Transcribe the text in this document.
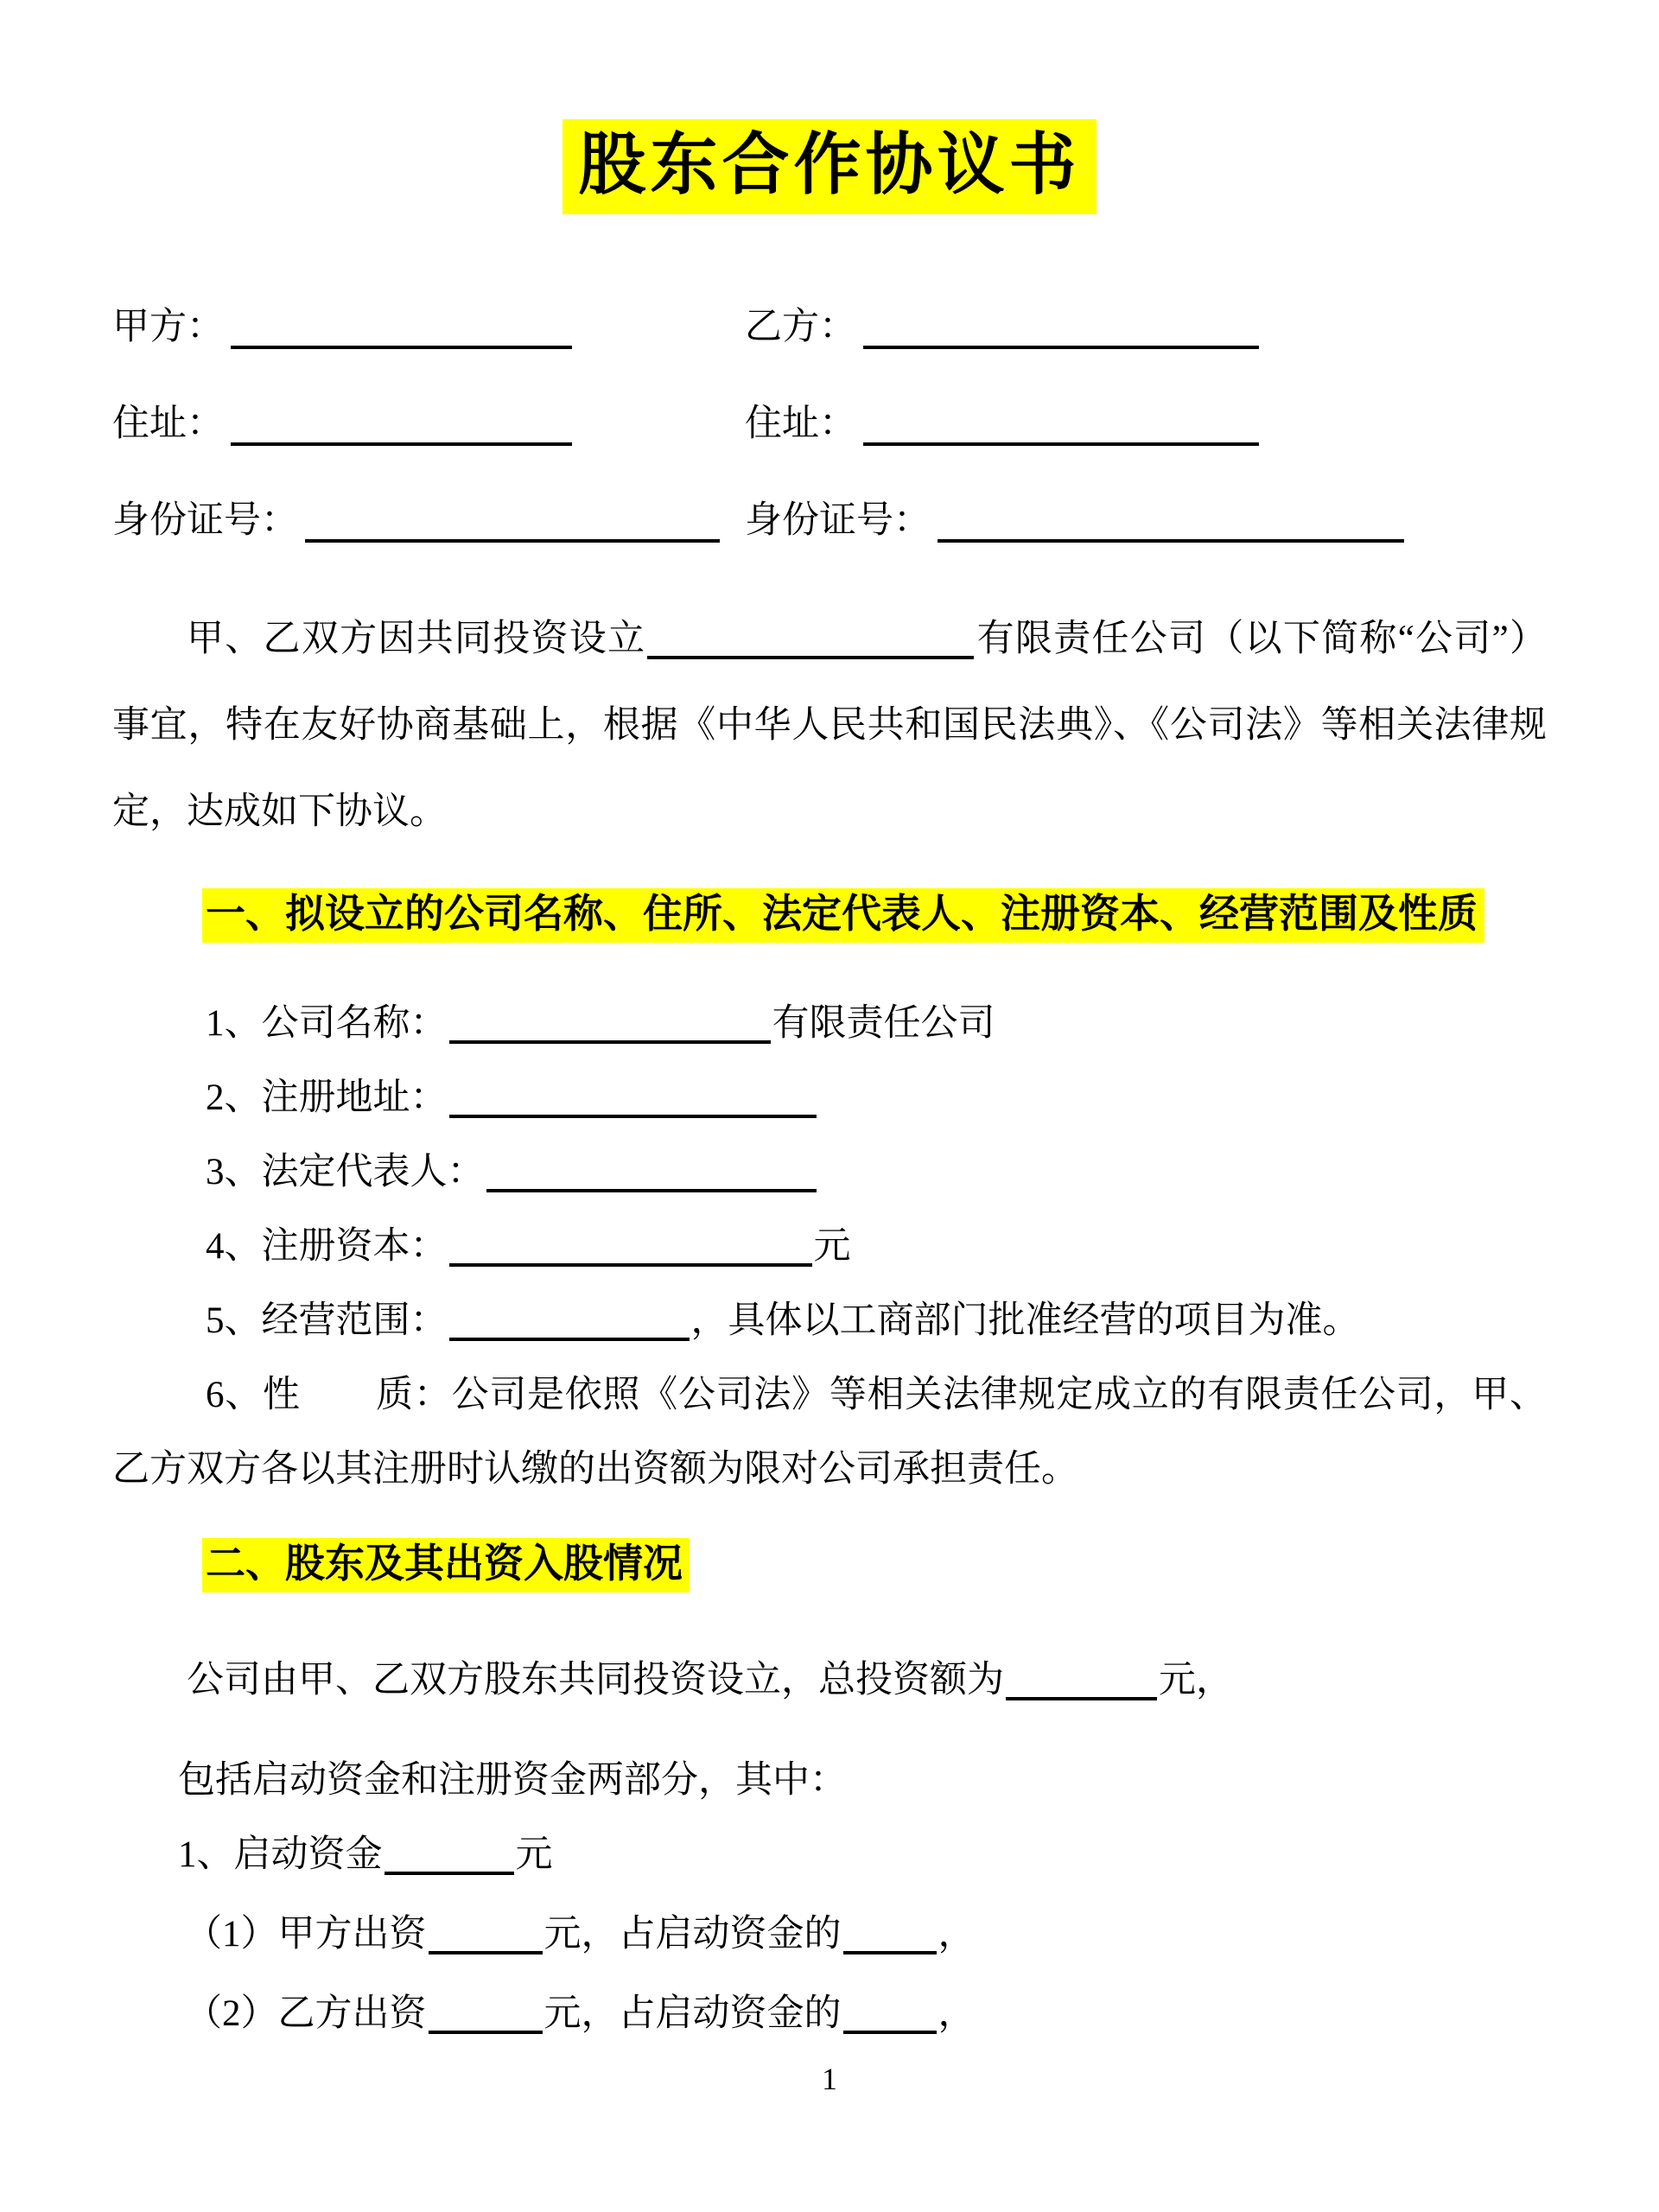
股东合作协议书
甲方：	乙方：
住址：	住址：
身份证号：	身份证号：

甲、乙双方因共同投资设立	有限责任公司（以下简称“公司”）事宜，特在友好协商基础上，根据《中华人民共和国民法典》、《公司法》等相关法律规定，达成如下协议。

一、拟设立的公司名称、住所、法定代表人、注册资本、经营范围及性质

1、公司名称：	有限责任公司

2、注册地址：

3、法定代表人：

4、注册资本：	元

5、经营范围：	，具体以工商部门批准经营的项目为准。

6、性　　质：公司是依照《公司法》等相关法律规定成立的有限责任公司，甲、乙方双方各以其注册时认缴的出资额为限对公司承担责任。

二、股东及其出资入股情况

公司由甲、乙双方股东共同投资设立，总投资额为	元，

包括启动资金和注册资金两部分，其中：

1、启动资金	元

（1）甲方出资	元，占启动资金的	，

（2）乙方出资	元，占启动资金的	，

1
